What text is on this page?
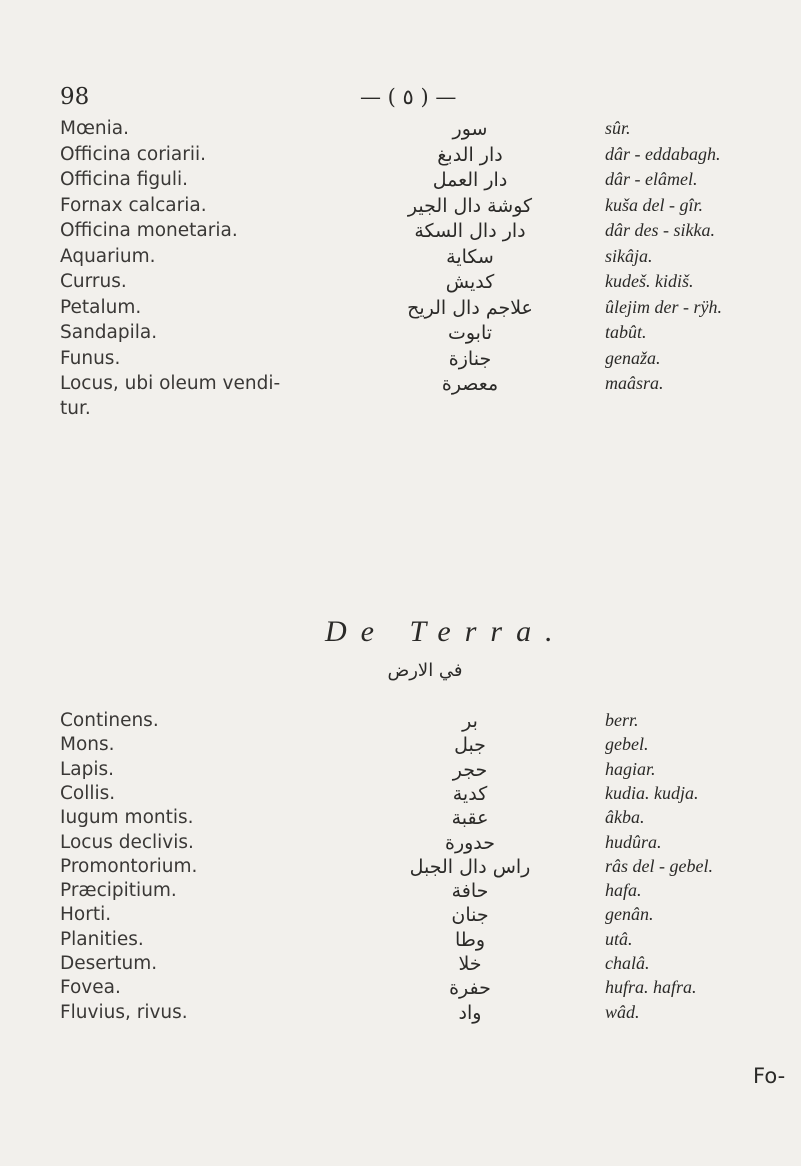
98	— ( ٥ ) —
Mœnia.	سور	sûr.
Officina coriarii.	دار الدبغ	dâr - eddabagh.
Officina figuli.	دار العمل	dâr - elâmel.
Fornax calcaria.	كوشة دال الجير	kuša del - gîr.
Officina monetaria.	دار دال السكة	dâr des - sikka.
Aquarium.	سكاية	sikâja.
Currus.	كديش	kudeš. kidiš.
Petalum.	علاجم دال الريح	ûlejim der - rÿh.
Sandapila.	تابوت	tabût.
Funus.	جنازة	genaža.
Locus, ubi oleum vendi-	معصرة	maâsra.
tur.
De Terra.
في الارض
Continens.	بر	berr.
Mons.	جبل	gebel.
Lapis.	حجر	hagiar.
Collis.	كدية	kudia. kudja.
Iugum montis.	عقبة	âkba.
Locus declivis.	حدورة	hudûra.
Promontorium.	راس دال الجبل	râs del - gebel.
Præcipitium.	حافة	hafa.
Horti.	جنان	genân.
Planities.	وطا	utâ.
Desertum.	خلا	chalâ.
Fovea.	حفرة	hufra. hafra.
Fluvius, rivus.	واد	wâd.
Fo-
